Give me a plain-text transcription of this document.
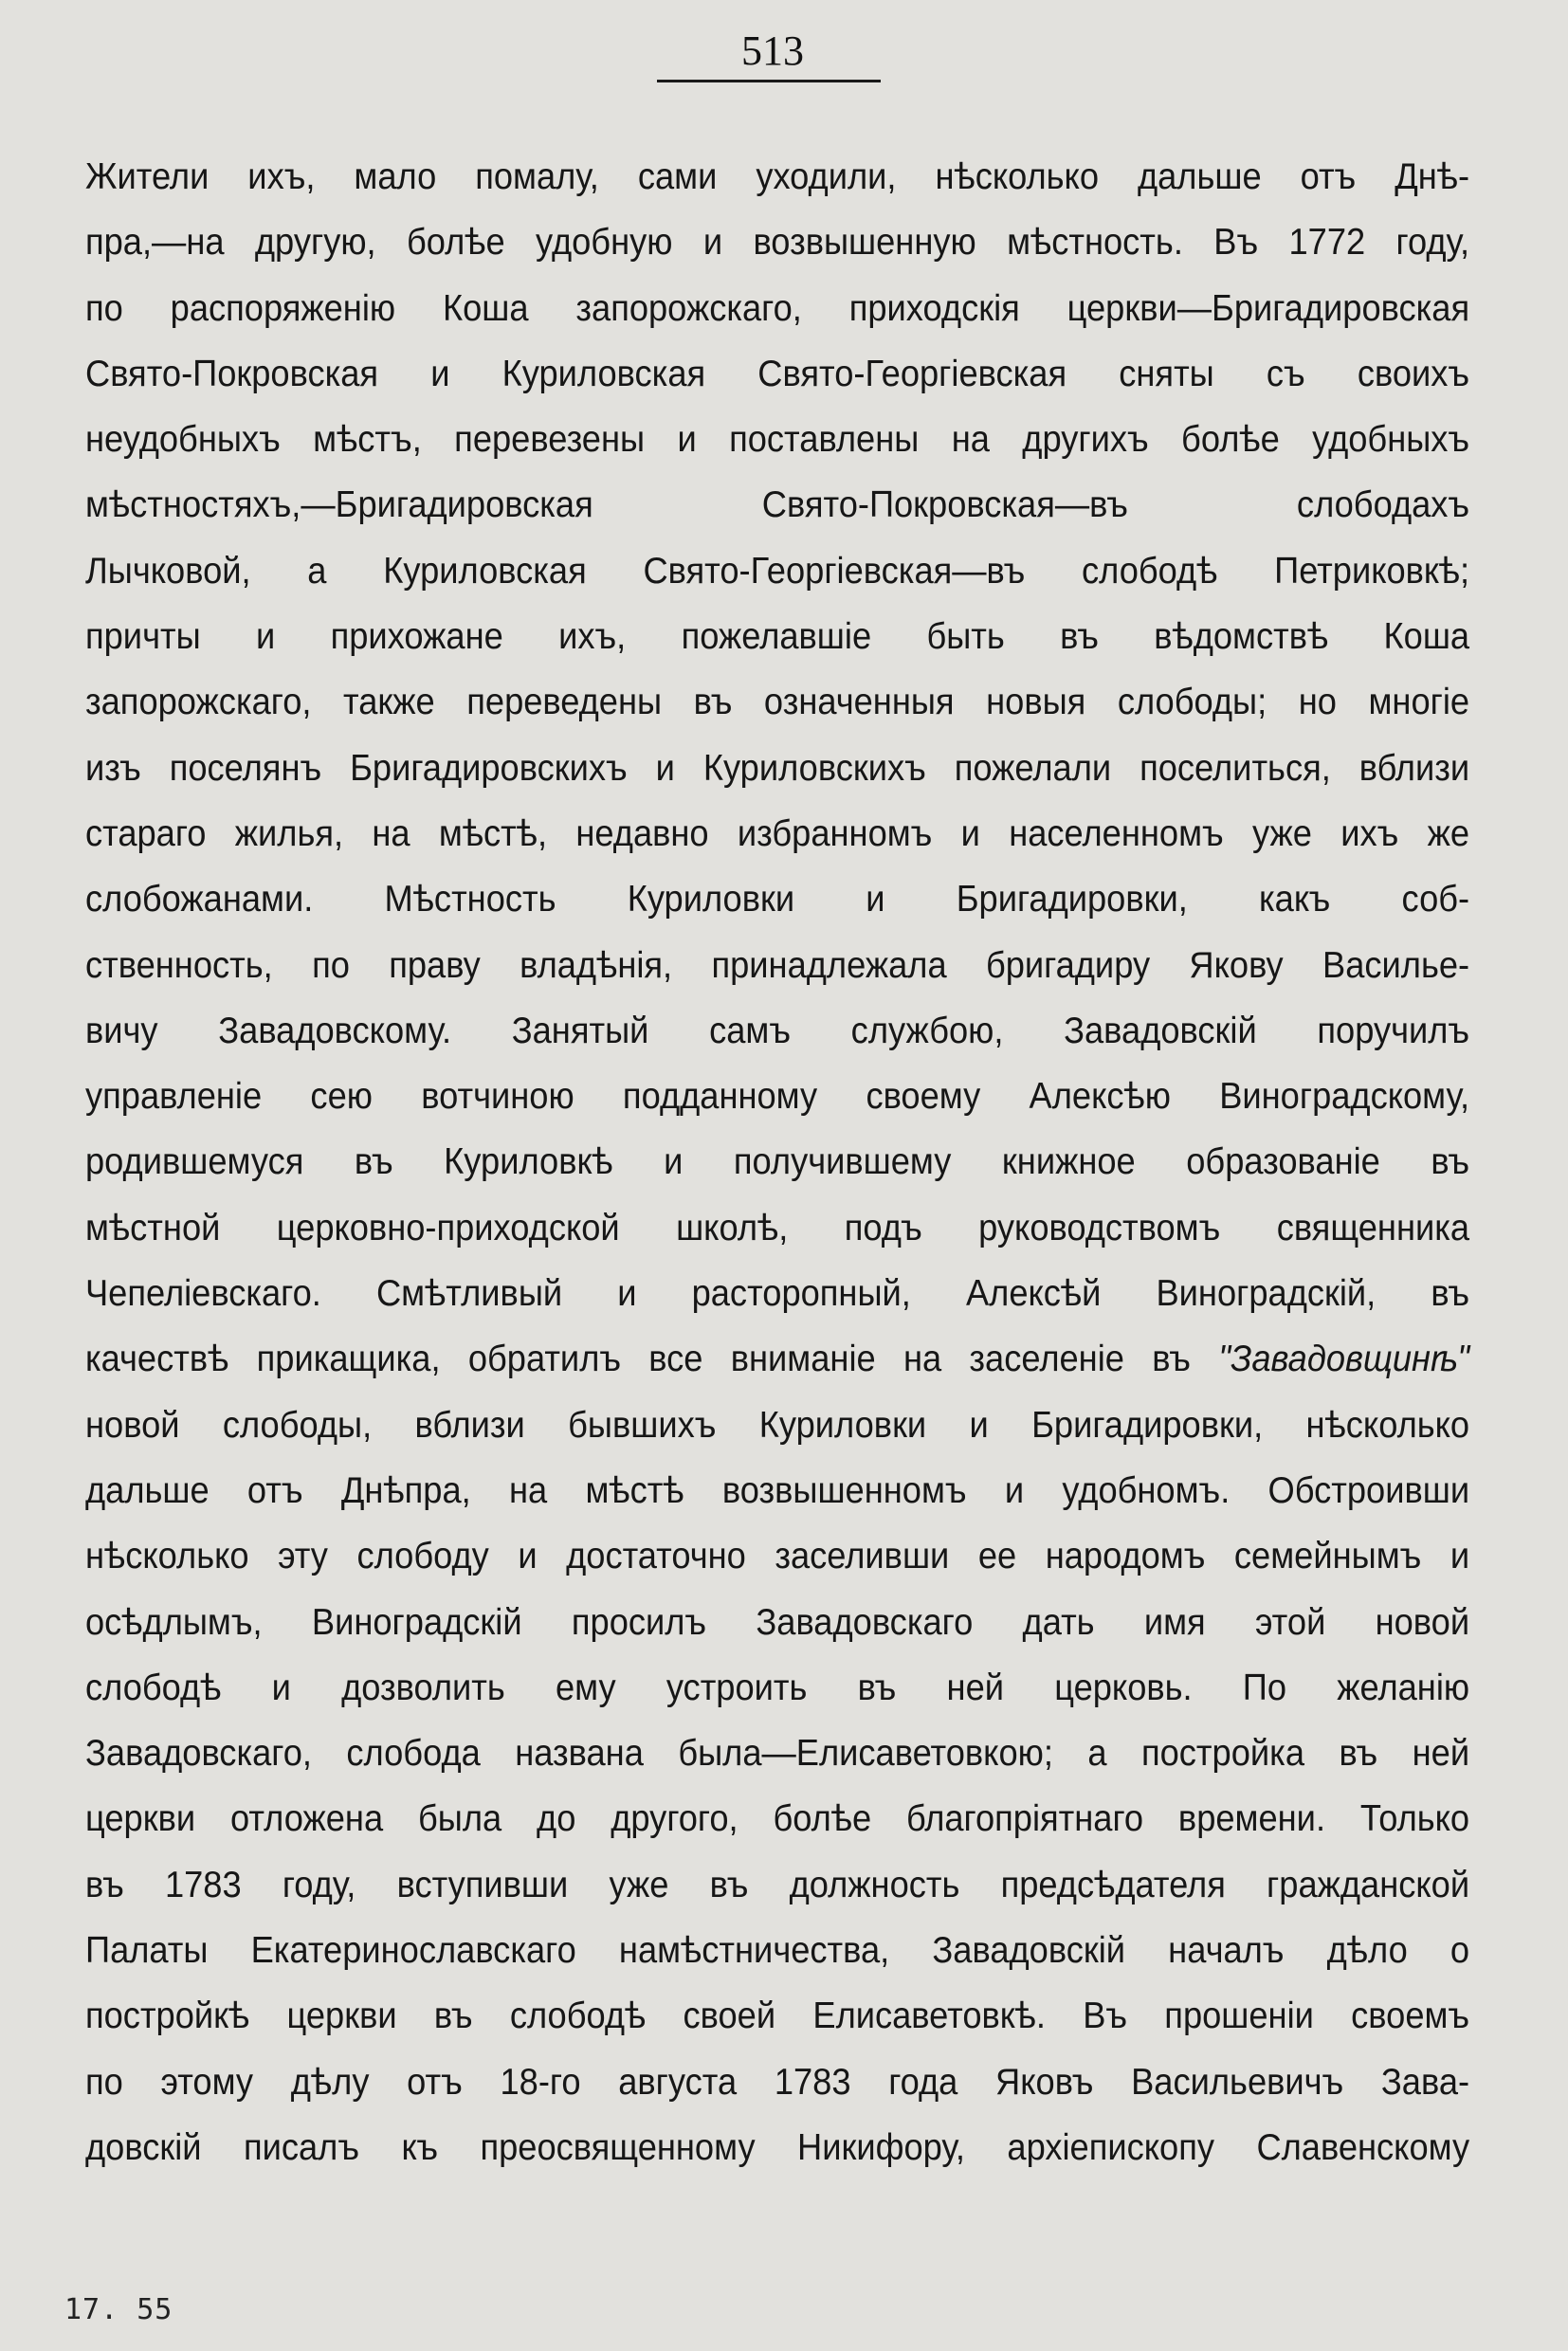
513
Жители ихъ, мало помалу, сами уходили, нѣсколько дальше отъ Днѣ-
пра,—на другую, болѣе удобную и возвышенную мѣстность. Въ 1772 году,
по распоряженію Коша запорожскаго, приходскія церкви—Бригадировская
Свято-Покровская и Куриловская Свято-Георгіевская сняты съ своихъ
неудобныхъ мѣстъ, перевезены и поставлены на другихъ болѣе удобныхъ
мѣстностяхъ,—Бригадировская Свято-Покровская—въ слободахъ
Лычковой, а Куриловская Свято-Георгіевская—въ слободѣ Петриковкѣ;
причты и прихожане ихъ, пожелавшіе быть въ вѣдомствѣ Коша
запорожскаго, также переведены въ означенныя новыя слободы; но многіе
изъ поселянъ Бригадировскихъ и Куриловскихъ пожелали поселиться, вблизи
стараго жилья, на мѣстѣ, недавно избранномъ и населенномъ уже ихъ же
слобожанами. Мѣстность Куриловки и Бригадировки, какъ соб-
ственность, по праву владѣнія, принадлежала бригадиру Якову Василье-
вичу Завадовскому. Занятый самъ службою, Завадовскій поручилъ
управленіе сею вотчиною подданному своему Алексѣю Виноградскому,
родившемуся въ Куриловкѣ и получившему книжное образованіе въ
мѣстной церковно-приходской школѣ, подъ руководствомъ священника
Чепеліевскаго. Смѣтливый и расторопный, Алексѣй Виноградскій, въ
качествѣ прикащика, обратилъ все вниманіе на заселеніе въ "Завадовщинѣ"
новой слободы, вблизи бывшихъ Куриловки и Бригадировки, нѣсколько
дальше отъ Днѣпра, на мѣстѣ возвышенномъ и удобномъ. Обстроивши
нѣсколько эту слободу и достаточно заселивши ее народомъ семейнымъ и
осѣдлымъ, Виноградскій просилъ Завадовскаго дать имя этой новой
слободѣ и дозволить ему устроить въ ней церковь. По желанію
Завадовскаго, слобода названа была—Елисаветовкою; а постройка въ ней
церкви отложена была до другого, болѣе благопріятнаго времени. Только
въ 1783 году, вступивши уже въ должность предсѣдателя гражданской
Палаты Екатеринославскаго намѣстничества, Завадовскій началъ дѣло о
постройкѣ церкви въ слободѣ своей Елисаветовкѣ. Въ прошеніи своемъ
по этому дѣлу отъ 18-го августа 1783 года Яковъ Васильевичъ Зава-
довскій писалъ къ преосвященному Никифору, архіепископу Славенскому
17. 55
